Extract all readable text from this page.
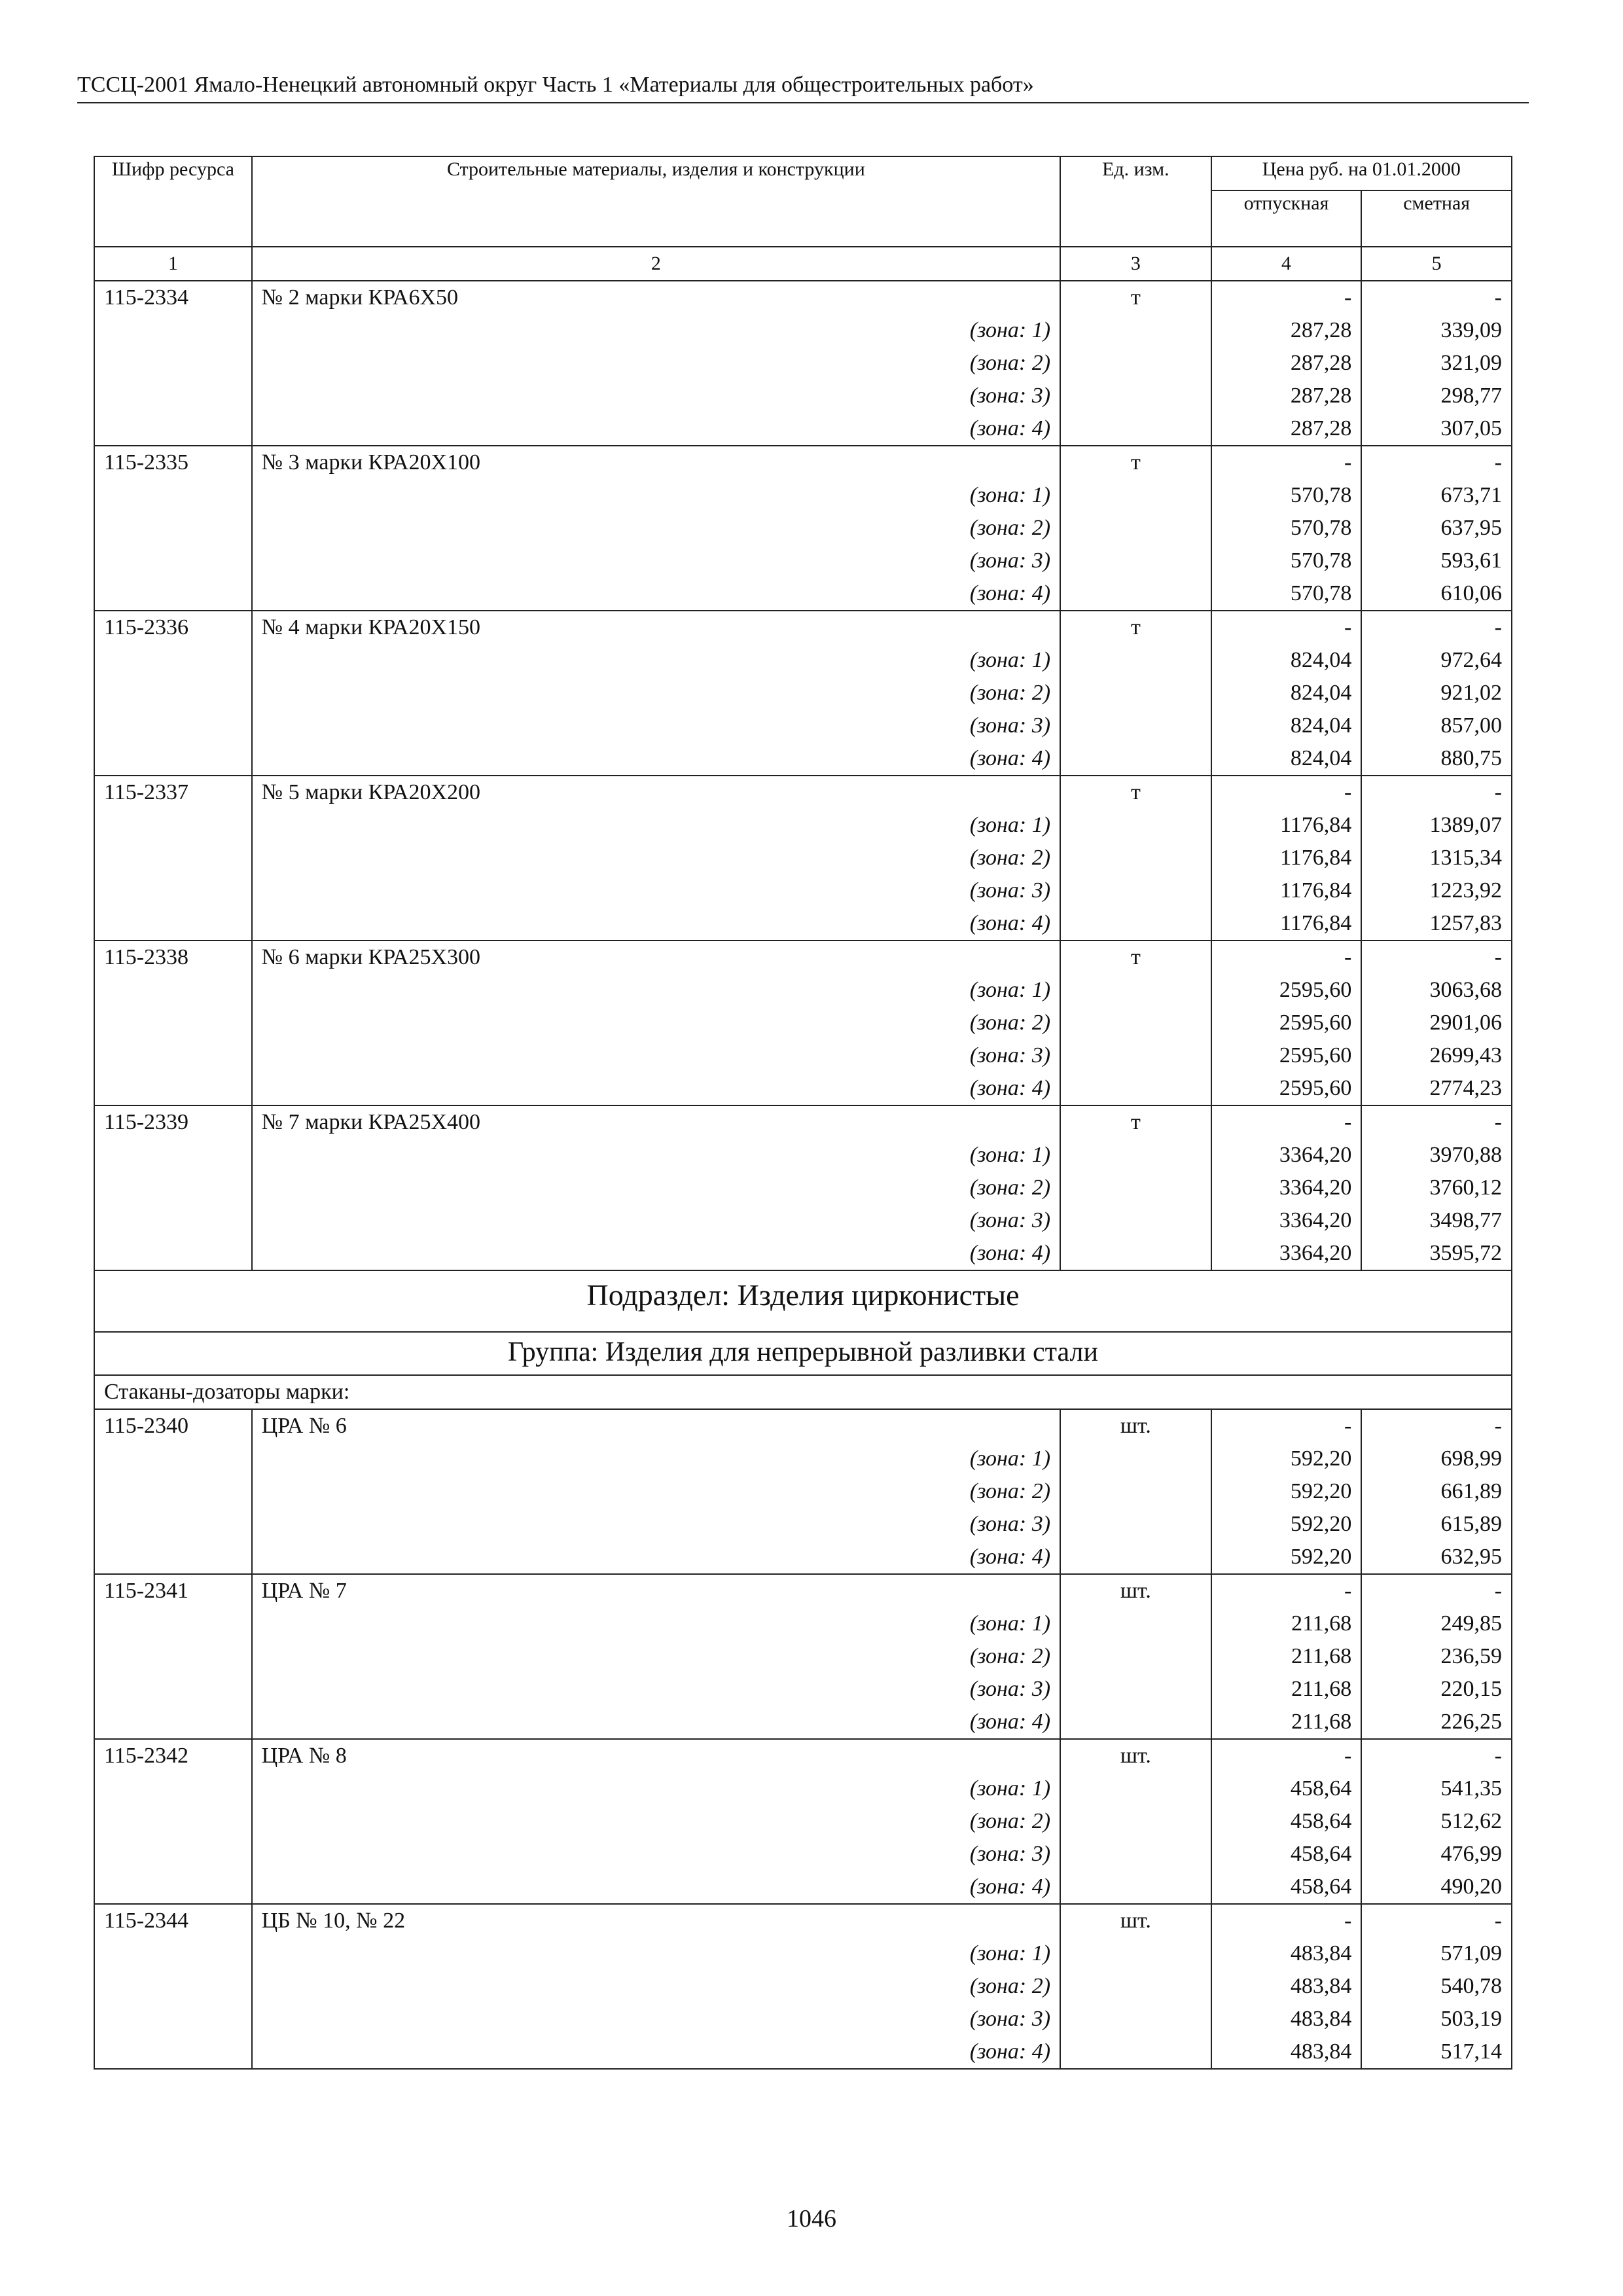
ТССЦ-2001 Ямало-Ненецкий автономный округ Часть 1 «Материалы для общестроительных работ»
Шифр ресурса	Строительные материалы, изделия и конструкции	Ед. изм.	Цена руб. на 01.01.2000	
			отпускная	сметная
1	2	3	4	5
115-2334	№ 2 марки КРА6Х50	т	-	-
	(зона: 1)		287,28	339,09
	(зона: 2)		287,28	321,09
	(зона: 3)		287,28	298,77
	(зона: 4)		287,28	307,05
115-2335	№ 3 марки КРА20Х100	т	-	-
	(зона: 1)		570,78	673,71
	(зона: 2)		570,78	637,95
	(зона: 3)		570,78	593,61
	(зона: 4)		570,78	610,06
115-2336	№ 4 марки КРА20Х150	т	-	-
	(зона: 1)		824,04	972,64
	(зона: 2)		824,04	921,02
	(зона: 3)		824,04	857,00
	(зона: 4)		824,04	880,75
115-2337	№ 5 марки КРА20Х200	т	-	-
	(зона: 1)		1176,84	1389,07
	(зона: 2)		1176,84	1315,34
	(зона: 3)		1176,84	1223,92
	(зона: 4)		1176,84	1257,83
115-2338	№ 6 марки КРА25Х300	т	-	-
	(зона: 1)		2595,60	3063,68
	(зона: 2)		2595,60	2901,06
	(зона: 3)		2595,60	2699,43
	(зона: 4)		2595,60	2774,23
115-2339	№ 7 марки КРА25Х400	т	-	-
	(зона: 1)		3364,20	3970,88
	(зона: 2)		3364,20	3760,12
	(зона: 3)		3364,20	3498,77
	(зона: 4)		3364,20	3595,72
Подраздел: Изделия цирконистые				
Группа: Изделия для непрерывной разливки стали				
Стаканы-дозаторы марки:				
115-2340	ЦРА № 6	шт.	-	-
	(зона: 1)		592,20	698,99
	(зона: 2)		592,20	661,89
	(зона: 3)		592,20	615,89
	(зона: 4)		592,20	632,95
115-2341	ЦРА № 7	шт.	-	-
	(зона: 1)		211,68	249,85
	(зона: 2)		211,68	236,59
	(зона: 3)		211,68	220,15
	(зона: 4)		211,68	226,25
115-2342	ЦРА № 8	шт.	-	-
	(зона: 1)		458,64	541,35
	(зона: 2)		458,64	512,62
	(зона: 3)		458,64	476,99
	(зона: 4)		458,64	490,20
115-2344	ЦБ № 10, № 22	шт.	-	-
	(зона: 1)		483,84	571,09
	(зона: 2)		483,84	540,78
	(зона: 3)		483,84	503,19
	(зона: 4)		483,84	517,14
1046
